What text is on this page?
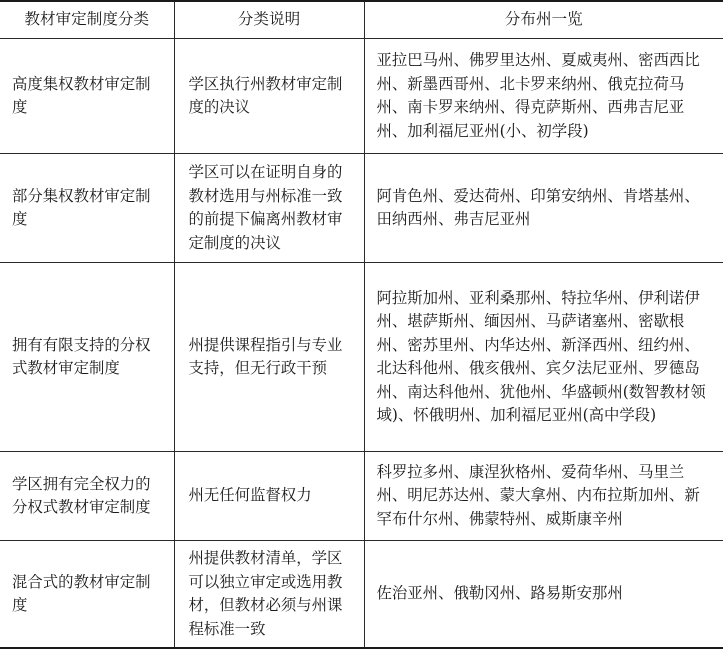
教材审定制度分类	分类说明	分布州一览
高度集权教材审定制度	学区执行州教材审定制度的决议	亚拉巴马州、佛罗里达州、夏威夷州、密西西比州、新墨西哥州、北卡罗来纳州、俄克拉荷马州、南卡罗来纳州、得克萨斯州、西弗吉尼亚州、加利福尼亚州(小、初学段)
部分集权教材审定制度	学区可以在证明自身的教材选用与州标准一致的前提下偏离州教材审定制度的决议	阿肯色州、爱达荷州、印第安纳州、肯塔基州、田纳西州、弗吉尼亚州
拥有有限支持的分权式教材审定制度	州提供课程指引与专业支持，但无行政干预	阿拉斯加州、亚利桑那州、特拉华州、伊利诺伊州、堪萨斯州、缅因州、马萨诸塞州、密歇根州、密苏里州、内华达州、新泽西州、纽约州、北达科他州、俄亥俄州、宾夕法尼亚州、罗德岛州、南达科他州、犹他州、华盛顿州(数智教材领域)、怀俄明州、加利福尼亚州(高中学段)
学区拥有完全权力的分权式教材审定制度	州无任何监督权力	科罗拉多州、康涅狄格州、爱荷华州、马里兰州、明尼苏达州、蒙大拿州、内布拉斯加州、新罕布什尔州、佛蒙特州、威斯康辛州
混合式的教材审定制度	州提供教材清单，学区可以独立审定或选用教材，但教材必须与州课程标准一致	佐治亚州、俄勒冈州、路易斯安那州
